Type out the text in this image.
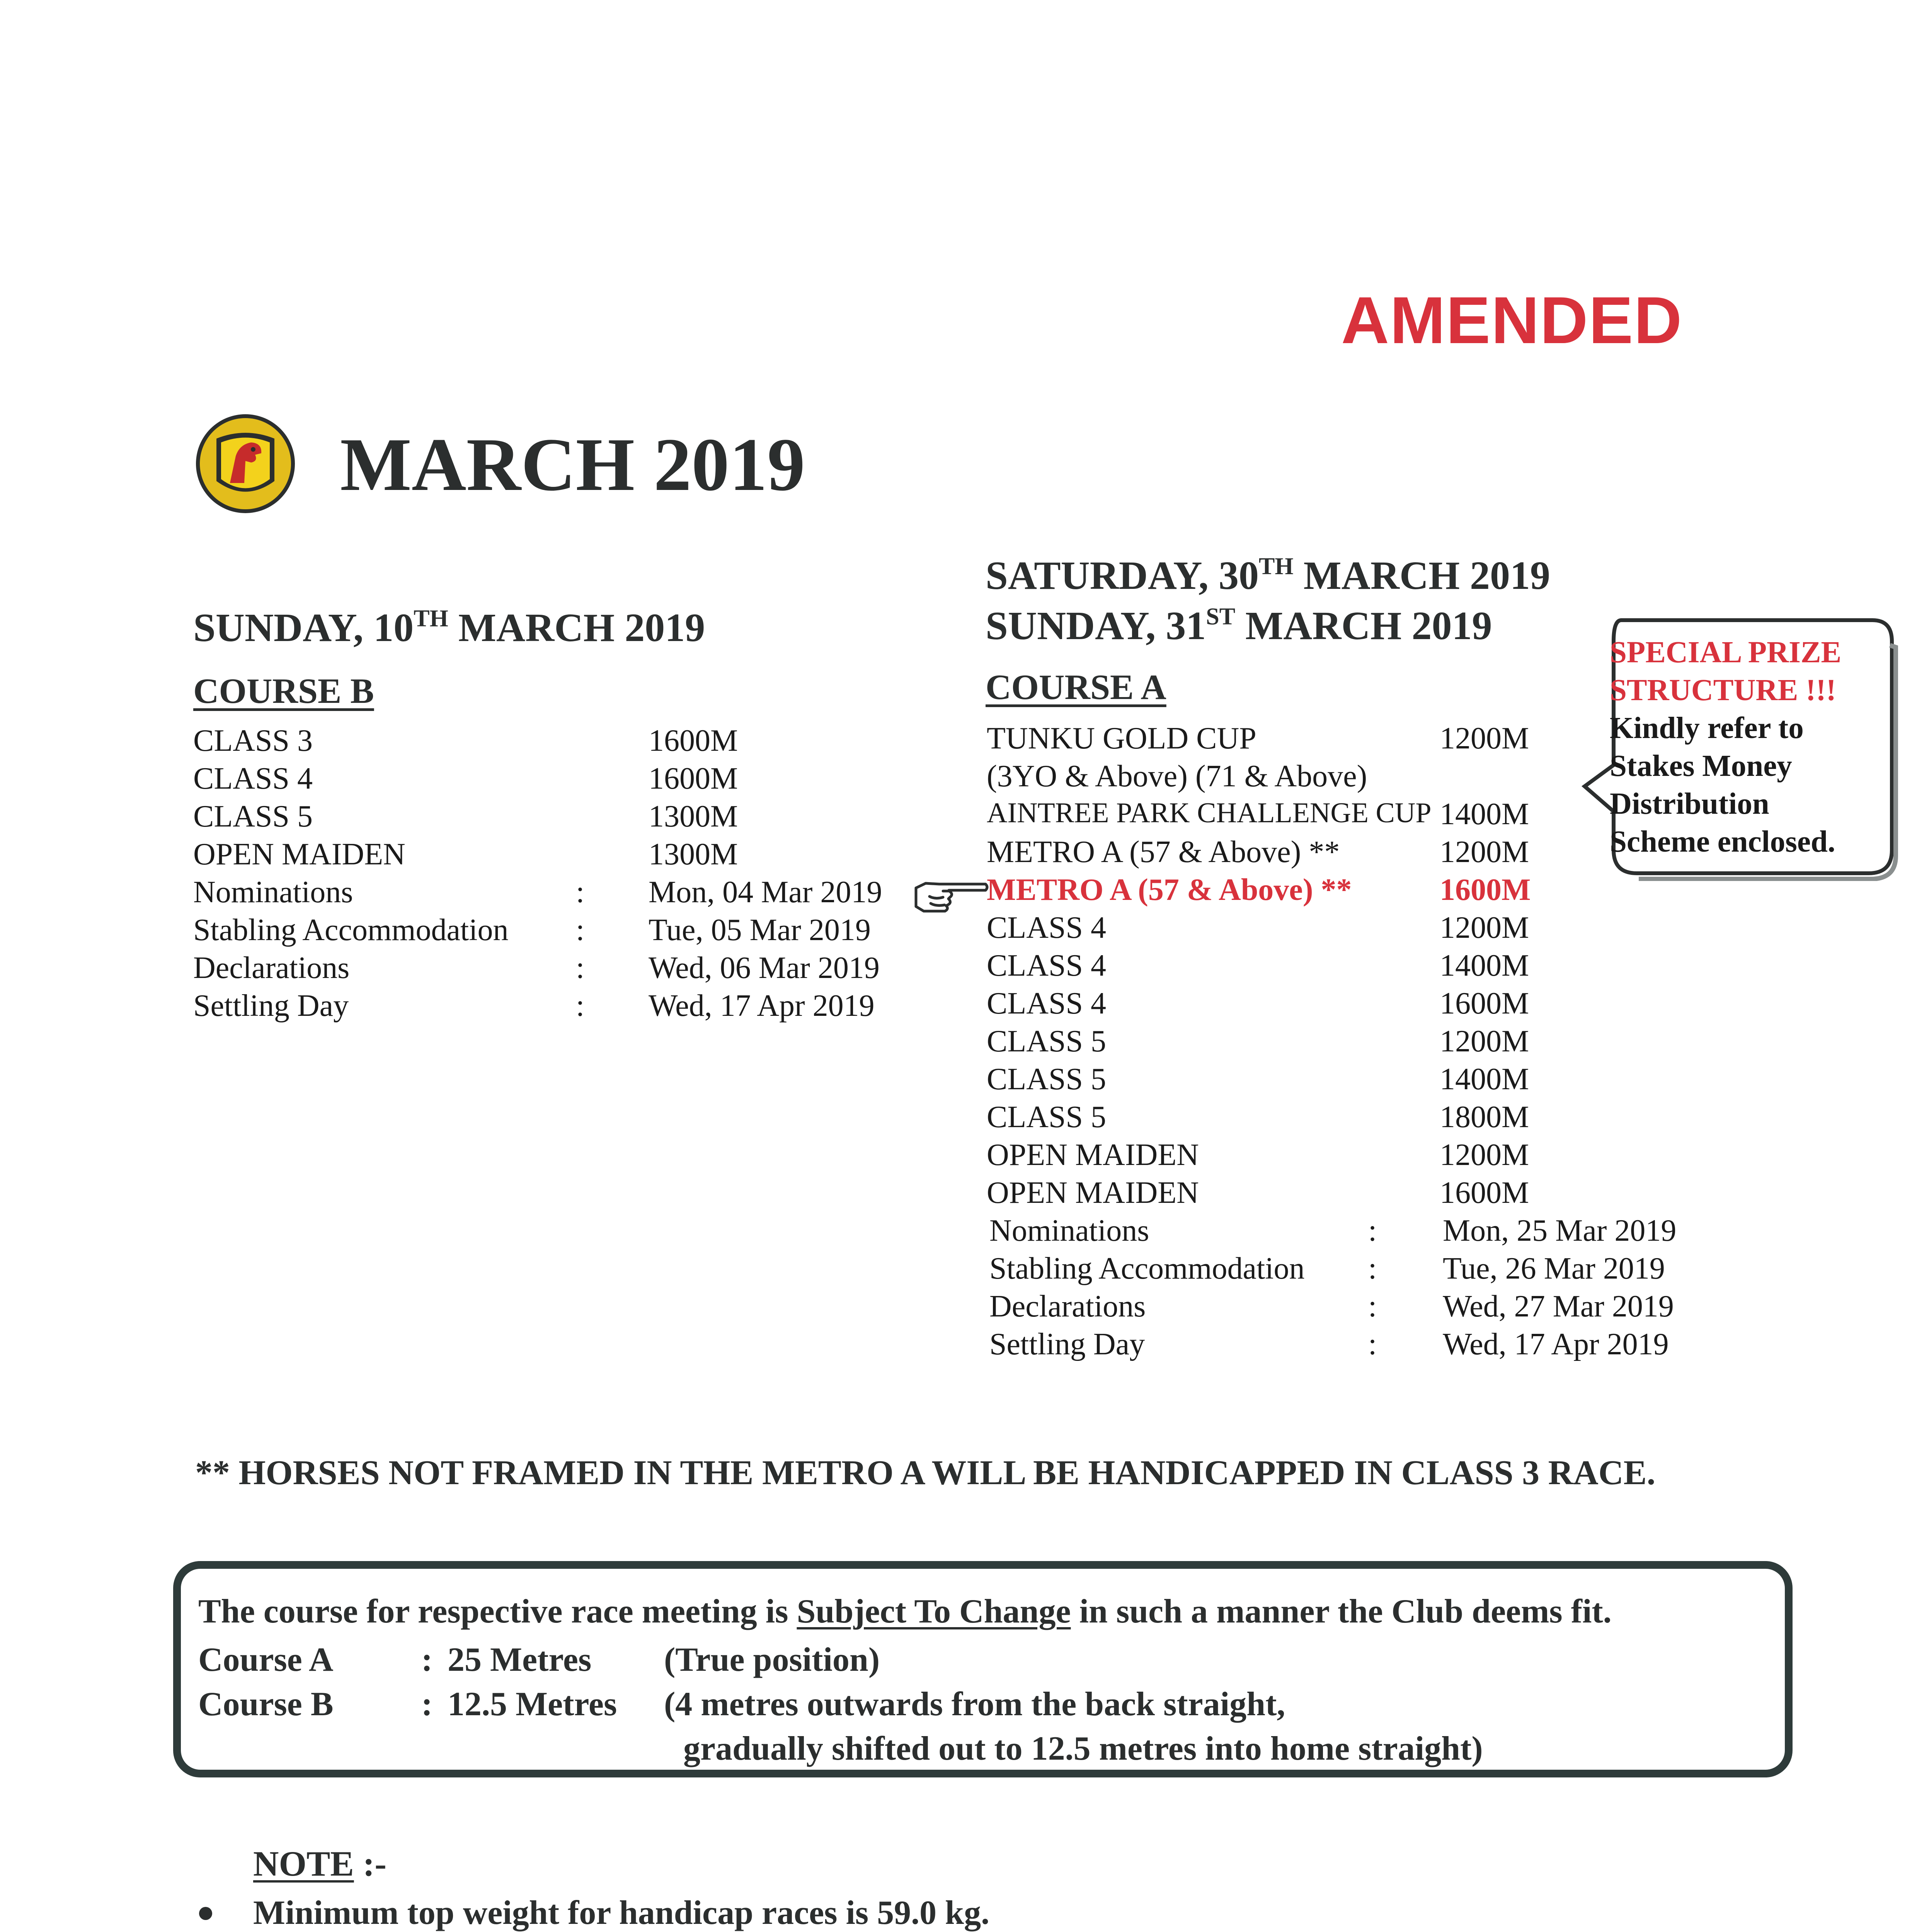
AMENDED
MARCH 2019
SUNDAY, 10TH MARCH 2019
COURSE B
CLASS 3	1600M
CLASS 4	1600M
CLASS 5	1300M
OPEN MAIDEN	1300M
Nominations	: Mon, 04 Mar 2019
Stabling Accommodation : Tue, 05 Mar 2019
Declarations	: Wed, 06 Mar 2019
Settling Day	: Wed, 17 Apr 2019
SATURDAY, 30TH MARCH 2019
SUNDAY, 31ST MARCH 2019
COURSE A
TUNKU GOLD CUP	1200M
(3YO & Above) (71 & Above)
AINTREE PARK CHALLENGE CUP 1400M
METRO A (57 & Above) **	1200M
METRO A (57 & Above) **	1600M
CLASS 4	1200M
CLASS 4	1400M
CLASS 4	1600M
CLASS 5	1200M
CLASS 5	1400M
CLASS 5	1800M
OPEN MAIDEN	1200M
OPEN MAIDEN	1600M
Nominations	: Mon, 25 Mar 2019
Stabling Accommodation : Tue, 26 Mar 2019
Declarations	: Wed, 27 Mar 2019
Settling Day	: Wed, 17 Apr 2019
SPECIAL PRIZE
STRUCTURE !!!
Kindly refer to
Stakes Money
Distribution
Scheme enclosed.
** HORSES NOT FRAMED IN THE METRO A WILL BE HANDICAPPED IN CLASS 3 RACE.
The course for respective race meeting is Subject To Change in such a manner the Club deems fit.
Course A	: 25 Metres (True position)
Course B	: 12.5 Metres (4 metres outwards from the back straight,
gradually shifted out to 12.5 metres into home straight)
NOTE :-
Minimum top weight for handicap races is 59.0 kg.
